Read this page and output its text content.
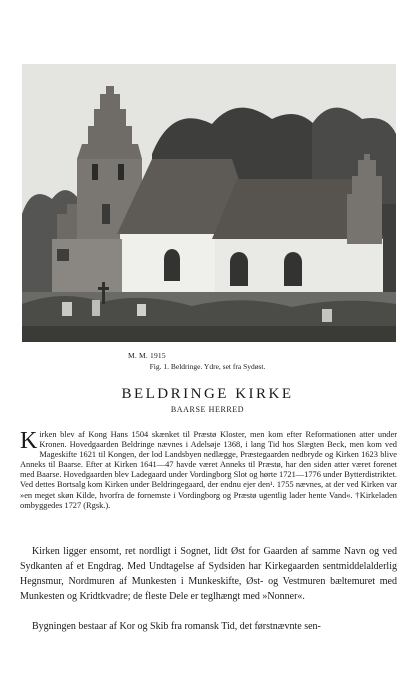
M. M. 1915
Fig. 1. Beldringe. Ydre, set fra Sydøst.
BELDRINGE KIRKE
BAARSE HERRED

Kirken blev af Kong Hans 1504 skænket til Præstø Kloster, men kom efter Reformationen atter under Kronen. Hovedgaarden Beldringe nævnes i Adelsøje 1368, i lang Tid hos Slægten Beck, men kom ved Mageskifte 1621 til Kongen, der lod Landsbyen nedlægge, Præstegaarden nedbryde og Kirken 1623 blive Anneks til Baarse. Efter at Kirken 1641—47 havde været Anneks til Præstø, har den siden atter været forenet med Baarse. Hovedgaarden blev Ladegaard under Vordingborg Slot og hørte 1721—1776 under Bytterdistriktet. Ved dettes Bortsalg kom Kirken under Beldringegaard, der endnu ejer den¹. 1755 nævnes, at der ved Kirken var »en meget skøn Kilde, hvorfra de fornemste i Vordingborg og Præstø ugentlig lader hente Vand«. †Kirkeladen ombyggedes 1727 (Rgsk.).

Kirken ligger ensomt, ret nordligt i Sognet, lidt Øst for Gaarden af samme Navn og ved Sydkanten af et Engdrag. Med Undtagelse af Sydsiden har Kirkegaarden sentmiddelalderlig Hegnsmur, Nordmuren af Munkesten i Munkeskifte, Øst- og Vestmuren bæltemuret med Munkesten og Kridtkvadre; de fleste Dele er teglhængt med »Nonner«.

Bygningen bestaar af Kor og Skib fra romansk Tid, det førstnævnte sen-
